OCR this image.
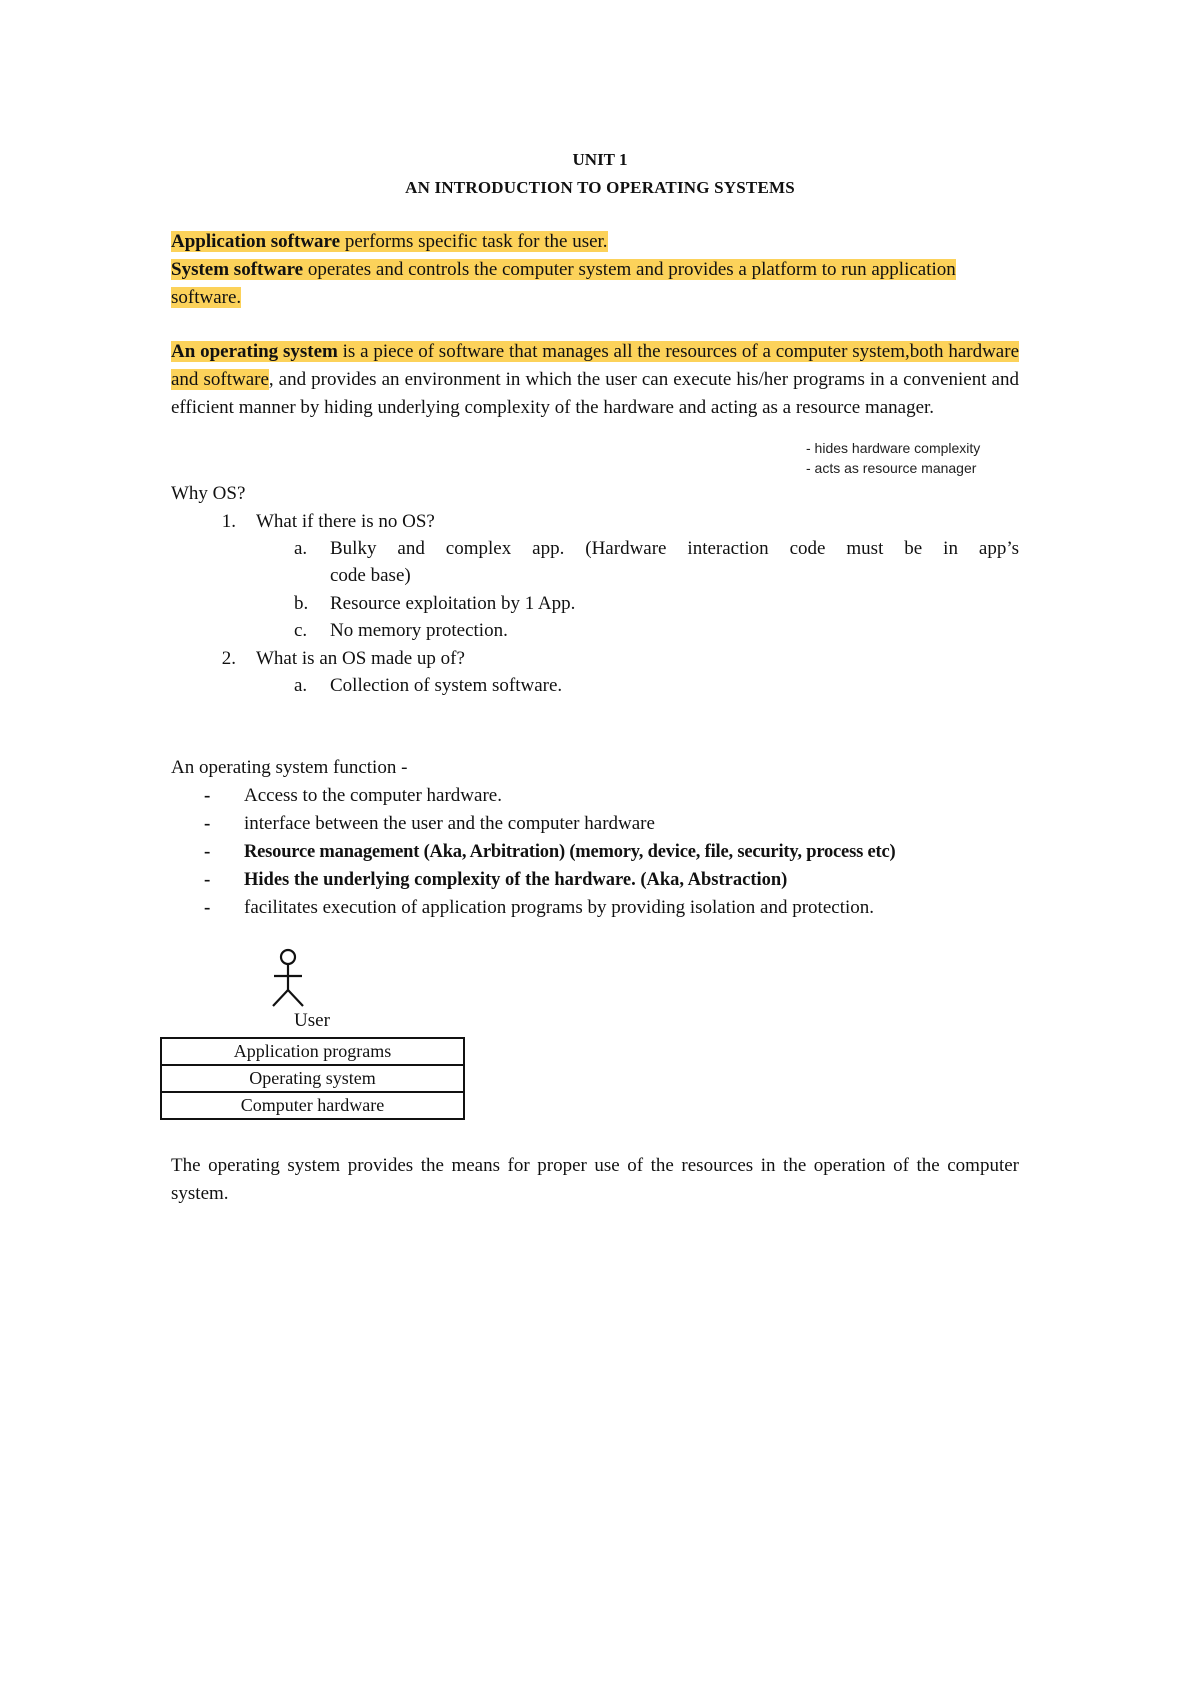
UNIT 1
AN INTRODUCTION TO OPERATING SYSTEMS
Application software performs specific task for the user.
System software operates and controls the computer system and provides a platform to run application software.
An operating system is a piece of software that manages all the resources of a computer system,both hardware and software, and provides an environment in which the user can execute his/her programs in a convenient and efficient manner by hiding underlying complexity of the hardware and acting as a resource manager.
- hides hardware complexity
- acts as resource manager
Why OS?
1. What if there is no OS?
a. Bulky and complex app. (Hardware interaction code must be in app’s
code base)
b. Resource exploitation by 1 App.
c. No memory protection.
2. What is an OS made up of?
a. Collection of system software.
An operating system function -
- Access to the computer hardware.
- interface between the user and the computer hardware
- Resource management (Aka, Arbitration) (memory, device, file, security, process etc)
- Hides the underlying complexity of the hardware. (Aka, Abstraction)
- facilitates execution of application programs by providing isolation and protection.
User
Application programs
Operating system
Computer hardware
The operating system provides the means for proper use of the resources in the operation of the computer system.
